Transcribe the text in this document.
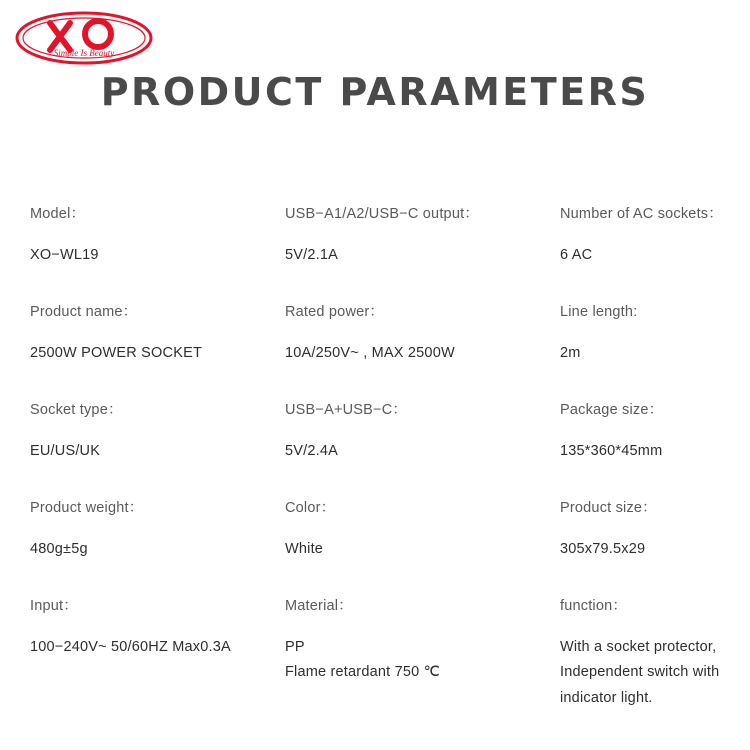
Simple Is Beauty
PRODUCT PARAMETERS
Model：
XO−WL19
USB−A1/A2/USB−C output：
5V/2.1A
Number of AC sockets：
6 AC
Product name：
2500W POWER SOCKET
Rated power：
10A/250V~ , MAX 2500W
Line length:
2m
Socket type：
EU/US/UK
USB−A+USB−C：
5V/2.4A
Package size：
135*360*45mm
Product weight：
480g±5g
Color：
White
Product size：
305x79.5x29
Input：
100−240V~ 50/60HZ Max0.3A
Material：
PP
Flame retardant 750 ℃
function：
With a socket protector,
Independent switch with
indicator light.
